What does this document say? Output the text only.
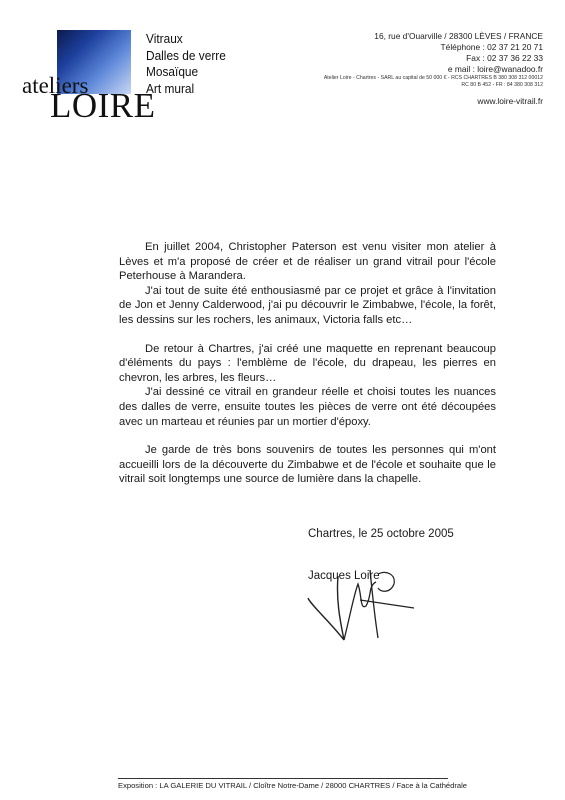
ateliers
LOIRE
Vitraux
Dalles de verre
Mosaïque
Art mural
16, rue d'Ouarville / 28300 LÈVES / FRANCE
Téléphone : 02 37 21 20 71
Fax : 02 37 36 22 33
e mail : loire@wanadoo.fr
Atelier Loire - Chartres - SARL au capital de 50 000 € - RCS CHARTRES B 380 308 312 00012
RC 80 B 452 - FR : 84 380 308 312
www.loire-vitrail.fr

En juillet 2004, Christopher Paterson est venu visiter mon atelier à Lèves et m'a proposé de créer et de réaliser un grand vitrail pour l'école Peterhouse à Marandera.

J'ai tout de suite été enthousiasmé par ce projet et grâce à l'invitation de Jon et Jenny Calderwood, j'ai pu découvrir le Zimbabwe, l'école, la forêt, les dessins sur les rochers, les animaux, Victoria falls etc…

De retour à Chartres, j'ai créé une maquette en reprenant beaucoup d'éléments du pays : l'emblème de l'école, du drapeau, les pierres en chevron, les arbres, les fleurs…

J'ai dessiné ce vitrail en grandeur réelle et choisi toutes les nuances des dalles de verre, ensuite toutes les pièces de verre ont été découpées avec un marteau et réunies par un mortier d'époxy.

Je garde de très bons souvenirs de toutes les personnes qui m'ont accueilli lors de la découverte du Zimbabwe et de l'école et souhaite que le vitrail soit longtemps une source de lumière dans la chapelle.

Chartres, le 25 octobre 2005
Jacques Loire
Exposition : LA GALERIE DU VITRAIL / Cloître Notre-Dame / 28000 CHARTRES / Face à la Cathédrale
